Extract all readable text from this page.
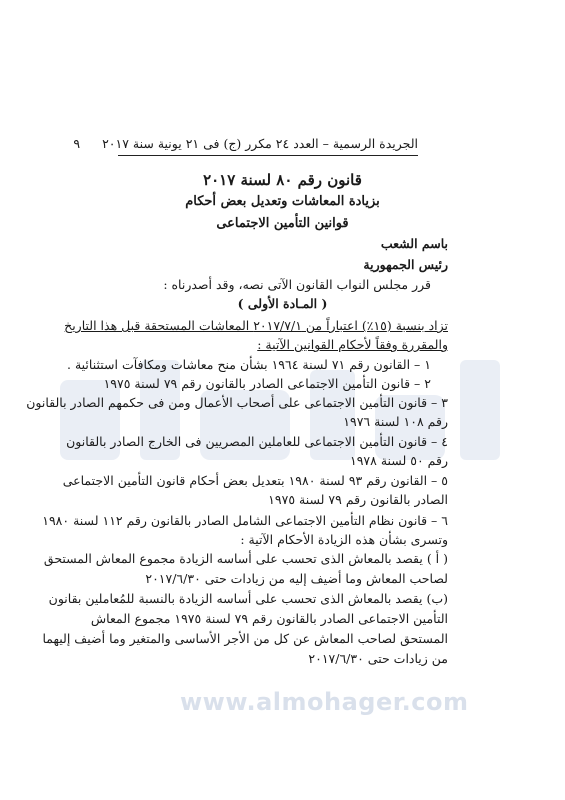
www.almohager.com
الجريدة الرسمية – العدد ٢٤ مكرر (ج) فى ٢١ يونية سنة ٢٠١٧
٩
قانون رقم ٨٠ لسنة ٢٠١٧
بزيادة المعاشات وتعديل بعض أحكام
قوانين التأمين الاجتماعى
باسم الشعب
رئيس الجمهورية
قرر مجلس النواب القانون الآتى نصه، وقد أصدرناه :
( المـادة الأولى )
تزاد بنسبة (١٥٪) اعتباراً من ٢٠١٧/٧/١ المعاشات المستحقة قبل هذا التاريخ
والمقررة وفقاً لأحكام القوانين الآتية :
١ – القانون رقم ٧١ لسنة ١٩٦٤ بشأن منح معاشات ومكافآت استثنائية .
٢ – قانون التأمين الاجتماعى الصادر بالقانون رقم ٧٩ لسنة ١٩٧٥
٣ – قانون التأمين الاجتماعى على أصحاب الأعمال ومن فى حكمهم الصادر بالقانون
رقم ١٠٨ لسنة ١٩٧٦
٤ – قانون التأمين الاجتماعى للعاملين المصريين فى الخارج الصادر بالقانون
رقم ٥٠ لسنة ١٩٧٨
٥ – القانون رقم ٩٣ لسنة ١٩٨٠ بتعديل بعض أحكام قانون التأمين الاجتماعى
الصادر بالقانون رقم ٧٩ لسنة ١٩٧٥
٦ – قانون نظام التأمين الاجتماعى الشامل الصادر بالقانون رقم ١١٢ لسنة ١٩٨٠
وتسرى بشأن هذه الزيادة الأحكام الآتية :
( أ ) يقصد بالمعاش الذى تحسب على أساسه الزيادة مجموع المعاش المستحق
لصاحب المعاش وما أضيف إليه من زيادات حتى ٢٠١٧/٦/٣٠
(ب) يقصد بالمعاش الذى تحسب على أساسه الزيادة بالنسبة للمُعاملين بقانون
التأمين الاجتماعى الصادر بالقانون رقم ٧٩ لسنة ١٩٧٥ مجموع المعاش
المستحق لصاحب المعاش عن كل من الأجر الأساسى والمتغير وما أضيف إليهما
من زيادات حتى ٢٠١٧/٦/٣٠
